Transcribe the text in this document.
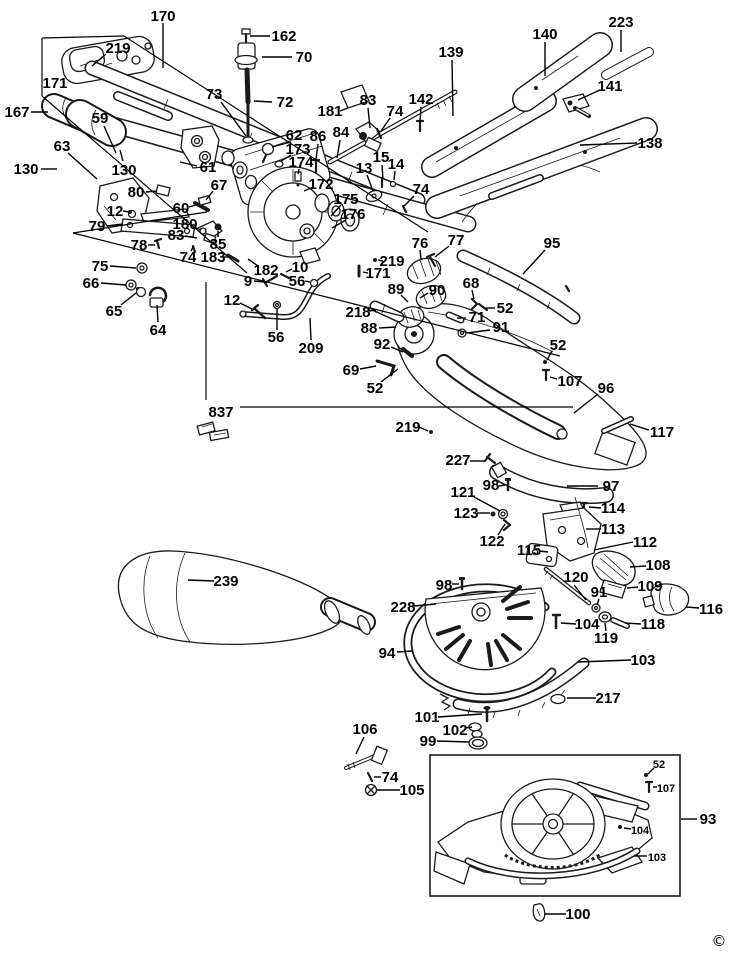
170
162
70
73	72
219
171
167	59
63
130	130	61
67
80
12	60
79	180
83
78
74 183
85
75
66
65
64
837
62
173
174
86 84
181
83
74
142
13
15
14
172
175
176
74
76 77	95
68
90
52
71
91
89
218
88
92
69
52
219
171
96
107
52
117
219
97
227
98
121
123	114
113
122	112
115
108
109
116
120
91
104	118
119
103
217
239
228
94
98
101
102
99
106
74
105
93
52
107
104
103
100
9
10
182
56
12
56
209
139
140
223
141
138
©
